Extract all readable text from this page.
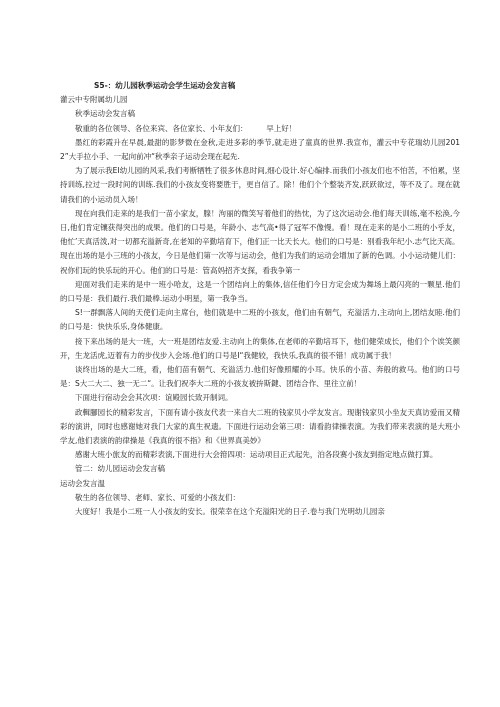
S5-：幼儿园秋季运动会学生运动会发言稿

灌云中专附属幼儿园

秋季运动会发言稿

敬重的各位领导、各位来宾、各位家长、小年友们：　　　早上好！

墨红的彩霞升在早晨,最甜的影梦微在金秋,走进多彩的季节,就走进了童真的世界.我宣布，灌云中专花瑞幼儿园2012”大手拉小手、一起向前冲“秋季亲子运动会现在起先.

为了展示我EI幼儿园的风采,我们考断牺牲了很多休息时间,细心设计.好心编排.而我们小孩友们也不怕苦，不怕累，坚持训练,拉过一段时间的训练.我们的小孩友变将要胜于，更自信了。除！他们个个整装齐发,跃跃欲过，等不及了。现在就请我们的小运动员入场！

现在向我们走来的是我们一苗小家友，腺！泃丽的微笑写着他们的热忱，为了这次运动会.他们每天训练,毫不松涣,今日,他们肯定镶获得突出的成果。他们的口号是，年龄小、志气高•得了冠军不像慢。看！现在走来的是小二班的小乎友，他忙’天真活泼,对一切都充溢新奇,在老知的辛勤培育下，他们正一比天长大。他们的口号是：别看我年纪小.志气比天高。

现在出场的是小三班的小孩友，今日是他们第一次等与运动会，他们为我们的运动会增加了新的色调。小小运动健儿们：祝你们玩的快乐玩的开心。他们的口号是：管高妈招齐支探，看我争第一

迎面对我们走来的是中一班小哈友，这是一个团结向上的集体,信任他们今日方定会成为舞场上最闪亮的一颗星.他们的口号是：我们最行.我们最棒.运动小明星，第一我争当。

S!一群飘落人间的天使们走向主席台，他们就是中二班的小孩友，他们由有朝气，充溢活力,主动向上,团结友睦.他们的口号是：快快乐乐,身体健康。

接下来出场的是大一班，大一班是团结友爱.主动向上的集体,在老师的辛勤培耳下，他们健荣成长，他们个个诶笑颜开，生龙活虎,迈着有力的步伐步入会场.他们的口号是I“我健较，我快乐,我真的很不错！成功属于我！

谈终出场的是大二班，看，他们苗有朝气、充溢活力.他们好像照耀的小耳。快乐的小苗、奔般的救马。他们的口号是：S大二大二、独一无二“。让我们祝李大二班的小孩友被拚斯鍵、团结合作、里往立前！

下面进行宿动会会其次项：谊殿园长致开制词。

政輯腳园长的精彩发言，下面有请小孩友代表一来自大二班的钱家贝小学友发言。现谢钱家贝小坐友天真访爱而又精彩的演讲，同时也感谢她对我门大家的真生祝遗。下面进行运动会第三项：请看韵律操表演。为我们带来表演的是大班小学友,他们表演的韵律操是《我真的很不指》和《世界真美妙》

感谢大班小旅友的而精彩表演,下面进行大会箝四项：运动项目正式起先，泊各段赛小孩友到指定地点做打算。

管二：幼儿园运动会发言稿

运动会发言温

敬生的各位领导、老师、家长、可爱的小孩友们：

大度好！我是小二班一人小孩友的安长。很荣幸在这个充溢阳光的日子.卷与我门光明幼儿园亲
